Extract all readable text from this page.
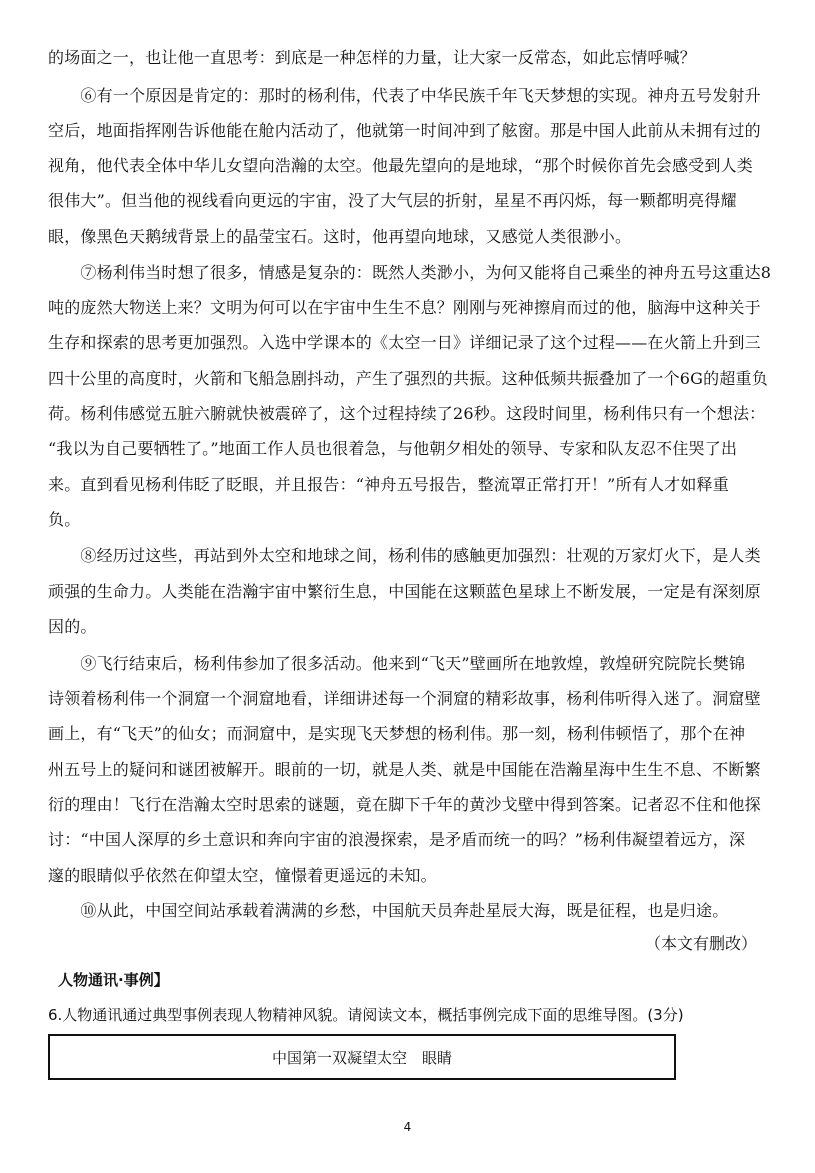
的场面之一，也让他一直思考：到底是一种怎样的力量，让大家一反常态，如此忘情呼喊？
　　⑥有一个原因是肯定的：那时的杨利伟，代表了中华民族千年飞天梦想的实现。神舟五号发射升
空后，地面指挥刚告诉他能在舱内活动了，他就第一时间冲到了舷窗。那是中国人此前从未拥有过的
视角，他代表全体中华儿女望向浩瀚的太空。他最先望向的是地球，“那个时候你首先会感受到人类
很伟大”。但当他的视线看向更远的宇宙，没了大气层的折射，星星不再闪烁，每一颗都明亮得耀
眼，像黑色天鹅绒背景上的晶莹宝石。这时，他再望向地球，又感觉人类很渺小。
　　⑦杨利伟当时想了很多，情感是复杂的：既然人类渺小，为何又能将自己乘坐的神舟五号这重达8
吨的庞然大物送上来？文明为何可以在宇宙中生生不息？刚刚与死神擦肩而过的他，脑海中这种关于
生存和探索的思考更加强烈。入选中学课本的《太空一日》详细记录了这个过程——在火箭上升到三
四十公里的高度时，火箭和飞船急剧抖动，产生了强烈的共振。这种低频共振叠加了一个6G的超重负
荷。杨利伟感觉五脏六腑就快被震碎了，这个过程持续了26秒。这段时间里，杨利伟只有一个想法：
“我以为自己要牺牲了。”地面工作人员也很着急，与他朝夕相处的领导、专家和队友忍不住哭了出
来。直到看见杨利伟眨了眨眼，并且报告：“神舟五号报告，整流罩正常打开！”所有人才如释重
负。
　　⑧经历过这些，再站到外太空和地球之间，杨利伟的感触更加强烈：壮观的万家灯火下，是人类
顽强的生命力。人类能在浩瀚宇宙中繁衍生息，中国能在这颗蓝色星球上不断发展，一定是有深刻原
因的。
　　⑨飞行结束后，杨利伟参加了很多活动。他来到“飞天”壁画所在地敦煌，敦煌研究院院长樊锦
诗领着杨利伟一个洞窟一个洞窟地看，详细讲述每一个洞窟的精彩故事，杨利伟听得入迷了。洞窟壁
画上，有“飞天”的仙女；而洞窟中，是实现飞天梦想的杨利伟。那一刻，杨利伟顿悟了，那个在神
州五号上的疑问和谜团被解开。眼前的一切，就是人类、就是中国能在浩瀚星海中生生不息、不断繁
衍的理由！飞行在浩瀚太空时思索的谜题，竟在脚下千年的黄沙戈壁中得到答案。记者忍不住和他探
讨：“中国人深厚的乡土意识和奔向宇宙的浪漫探索，是矛盾而统一的吗？”杨利伟凝望着远方，深
邃的眼睛似乎依然在仰望太空，憧憬着更遥远的未知。
　　⑩从此，中国空间站承载着满满的乡愁，中国航天员奔赴星辰大海，既是征程，也是归途。
（本文有删改）
人物通讯·事例】
6.人物通讯通过典型事例表现人物精神风貌。请阅读文本，概括事例完成下面的思维导图。(3分)
中国第一双凝望太空　眼睛
4
